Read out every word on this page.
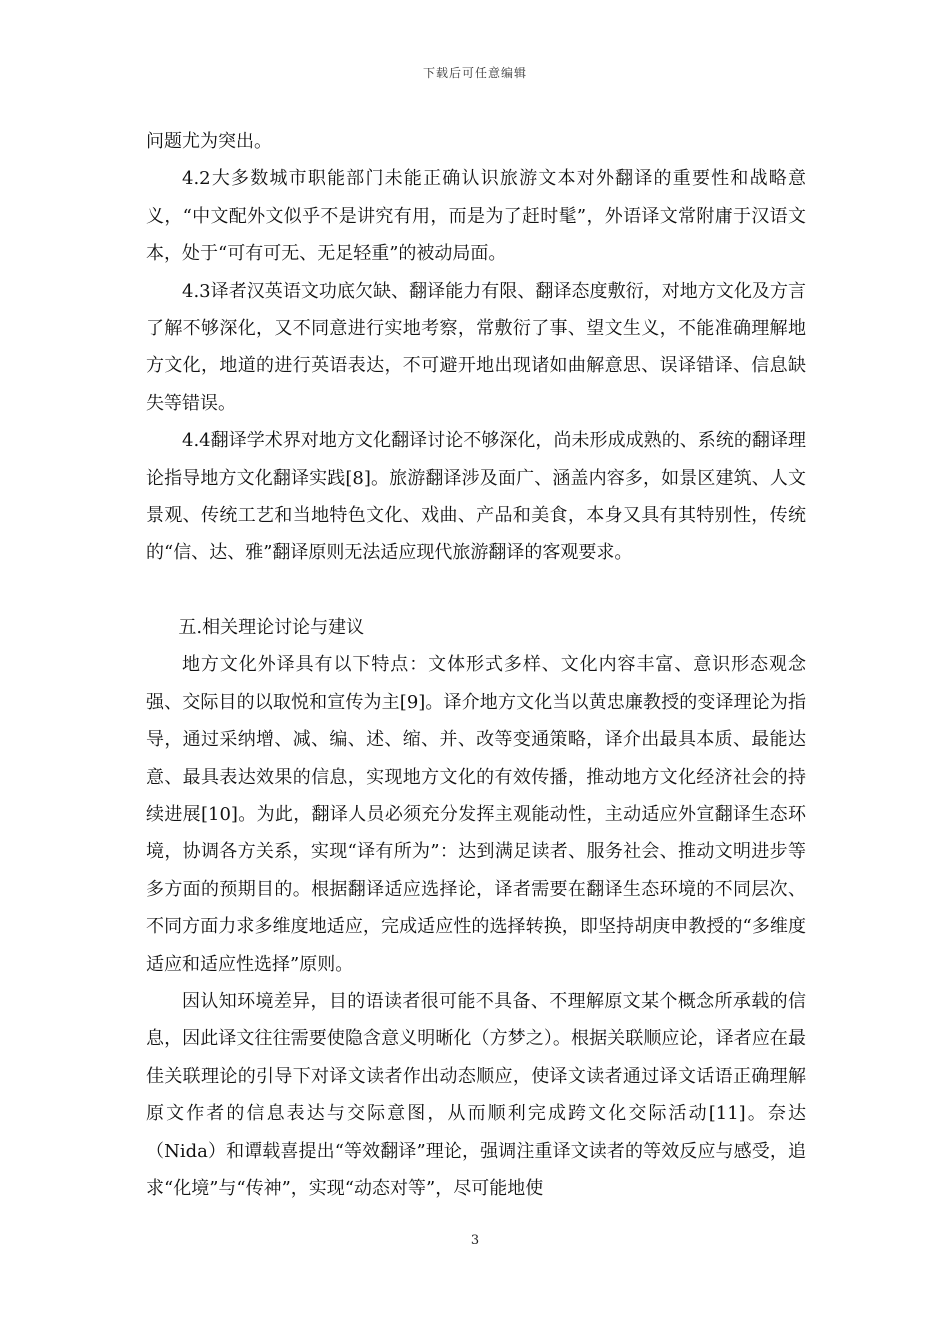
下载后可任意编辑

问题尤为突出。

4.2大多数城市职能部门未能正确认识旅游文本对外翻译的重要性和战略意义，“中文配外文似乎不是讲究有用，而是为了赶时髦”，外语译文常附庸于汉语文本，处于“可有可无、无足轻重”的被动局面。

4.3译者汉英语文功底欠缺、翻译能力有限、翻译态度敷衍，对地方文化及方言了解不够深化，又不同意进行实地考察，常敷衍了事、望文生义，不能准确理解地方文化，地道的进行英语表达，不可避开地出现诸如曲解意思、误译错译、信息缺失等错误。

4.4翻译学术界对地方文化翻译讨论不够深化，尚未形成成熟的、系统的翻译理论指导地方文化翻译实践[8]。旅游翻译涉及面广、涵盖内容多，如景区建筑、人文景观、传统工艺和当地特色文化、戏曲、产品和美食，本身又具有其特别性，传统的“信、达、雅”翻译原则无法适应现代旅游翻译的客观要求。

五.相关理论讨论与建议

地方文化外译具有以下特点：文体形式多样、文化内容丰富、意识形态观念强、交际目的以取悦和宣传为主[9]。译介地方文化当以黄忠廉教授的变译理论为指导，通过采纳增、减、编、述、缩、并、改等变通策略，译介出最具本质、最能达意、最具表达效果的信息，实现地方文化的有效传播，推动地方文化经济社会的持续进展[10]。为此，翻译人员必须充分发挥主观能动性，主动适应外宣翻译生态环境，协调各方关系，实现“译有所为”：达到满足读者、服务社会、推动文明进步等多方面的预期目的。根据翻译适应选择论，译者需要在翻译生态环境的不同层次、不同方面力求多维度地适应，完成适应性的选择转换，即坚持胡庚申教授的“多维度适应和适应性选择”原则。

因认知环境差异，目的语读者很可能不具备、不理解原文某个概念所承载的信息，因此译文往往需要使隐含意义明晰化（方梦之）。根据关联顺应论，译者应在最佳关联理论的引导下对译文读者作出动态顺应，使译文读者通过译文话语正确理解原文作者的信息表达与交际意图，从而顺利完成跨文化交际活动[11]。奈达（Nida）和谭载喜提出“等效翻译”理论，强调注重译文读者的等效反应与感受，追求“化境”与“传神”，实现“动态对等”，尽可能地使

3
